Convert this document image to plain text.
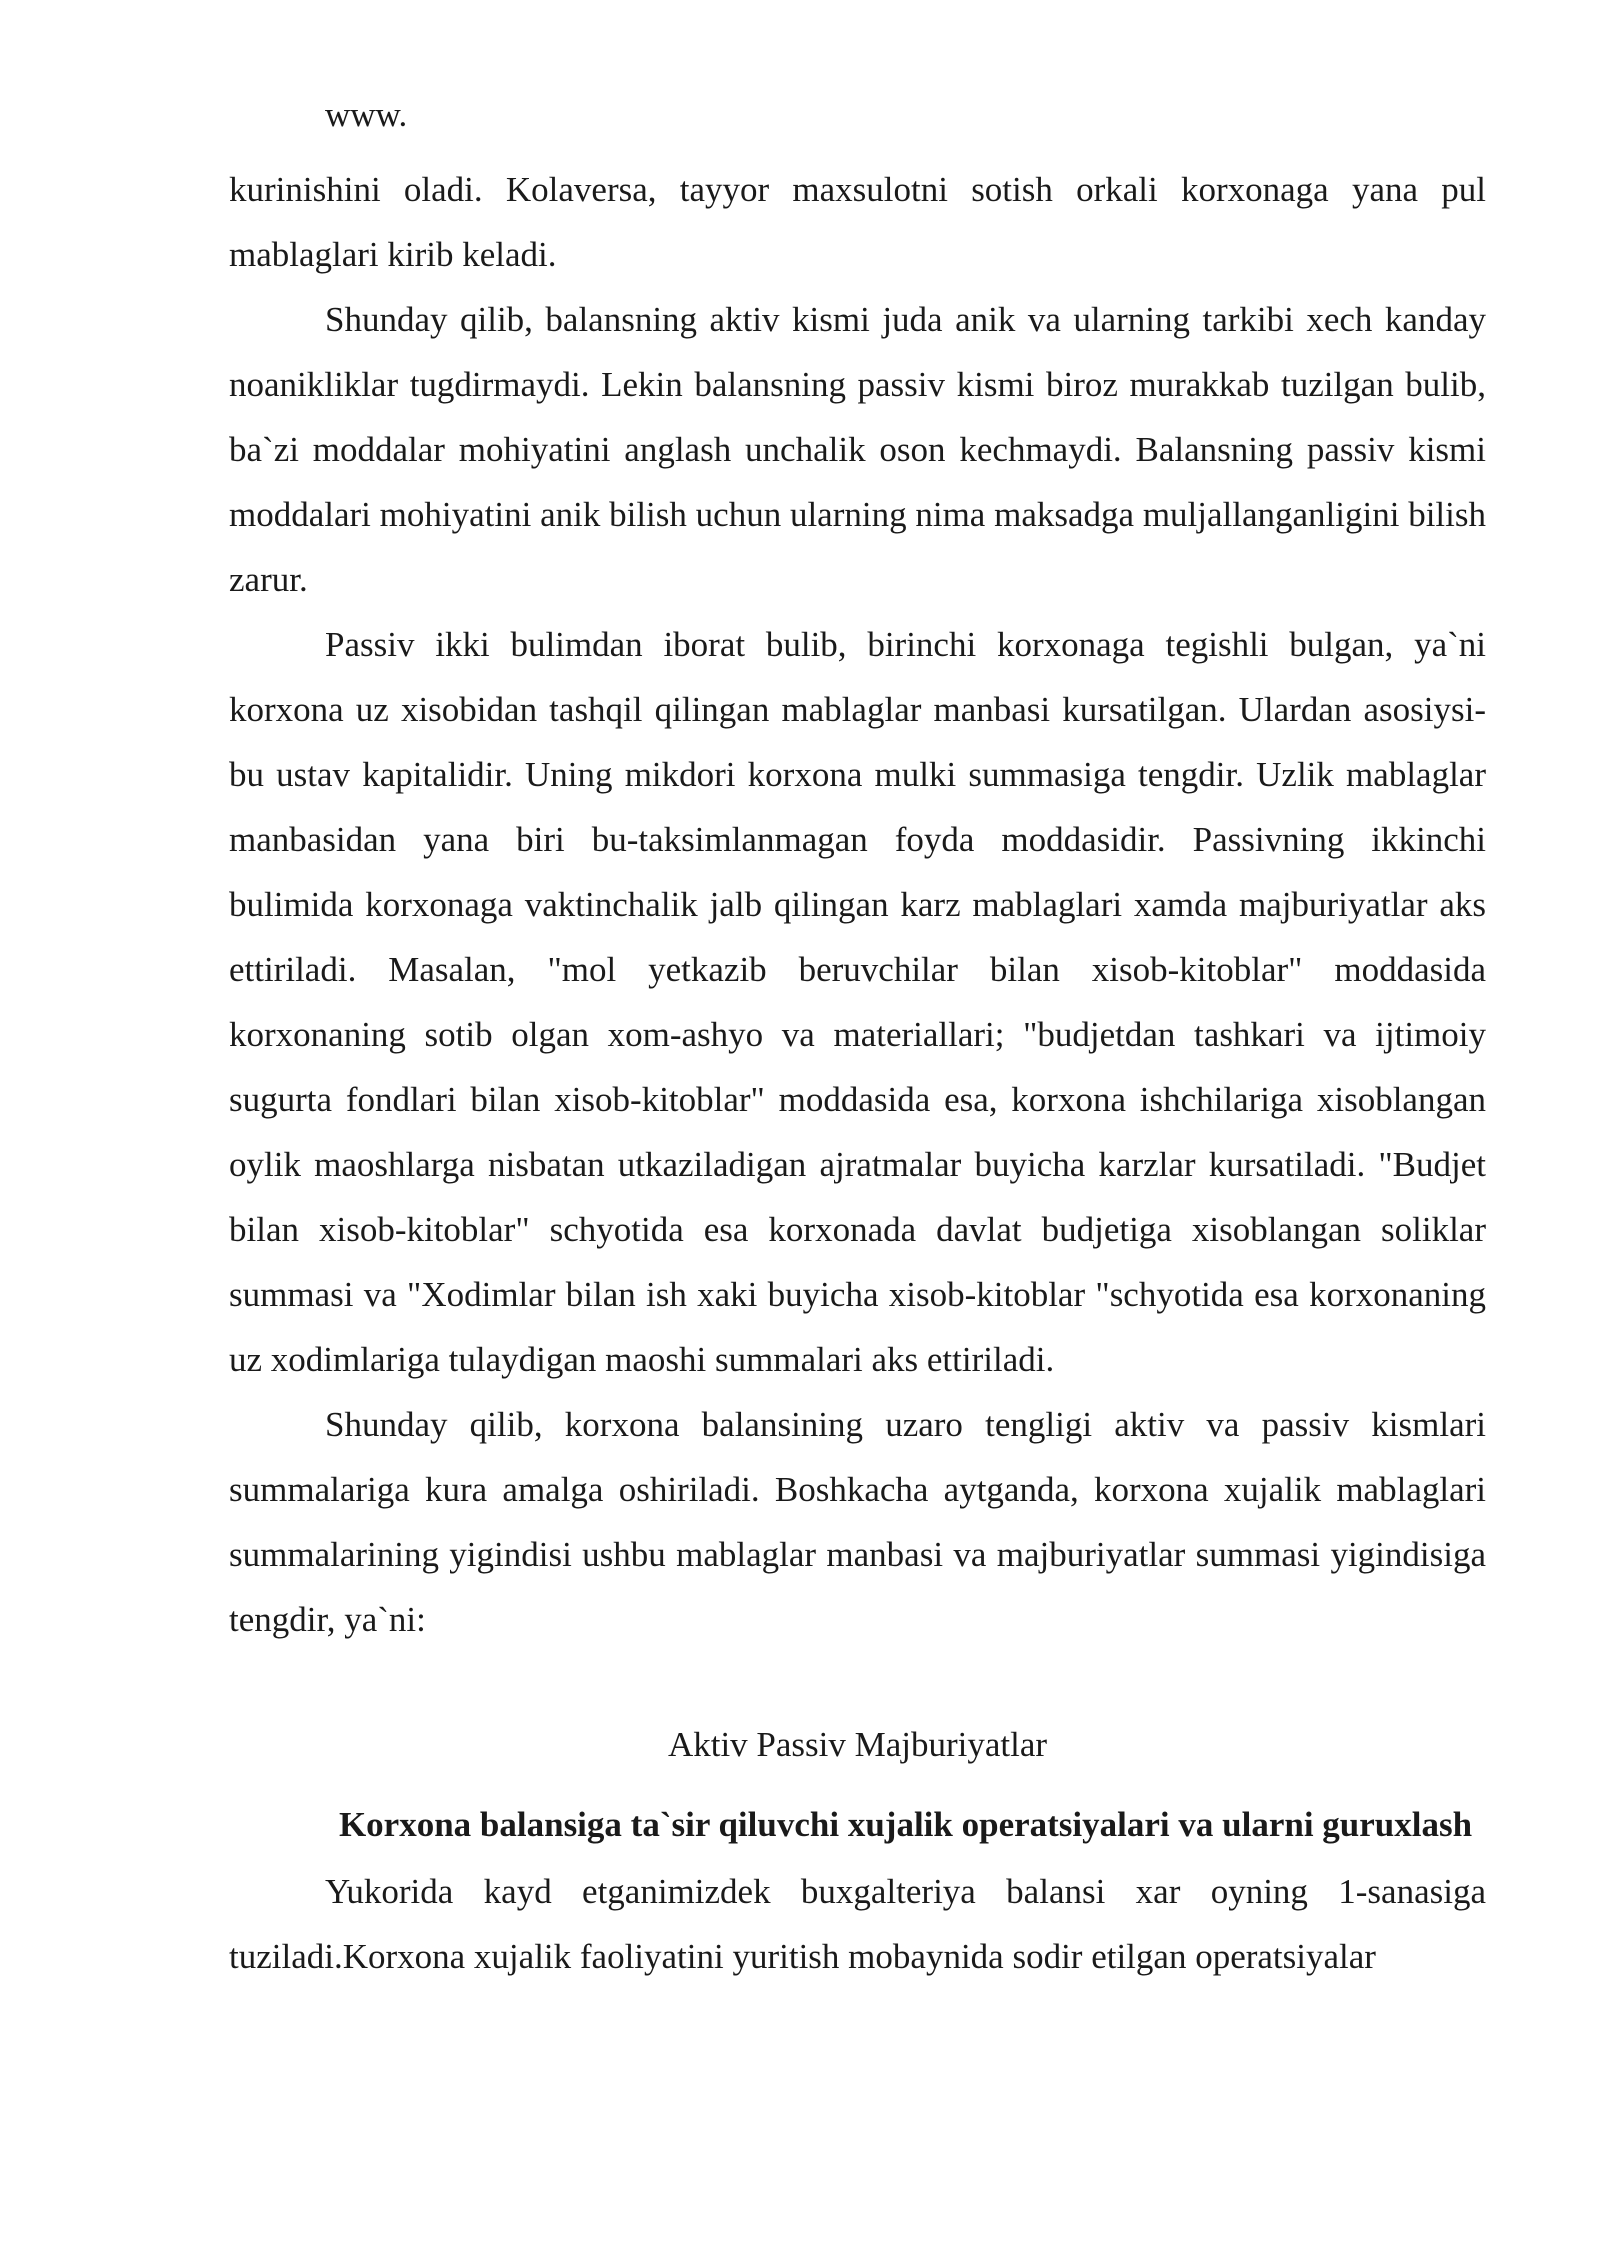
www.

kurinishini oladi. Kolaversa, tayyor maxsulotni sotish orkali korxonaga yana pul mablaglari kirib keladi.

Shunday qilib, balansning aktiv kismi juda anik va ularning tarkibi xech kanday noanikliklar tugdirmaydi. Lekin balansning passiv kismi biroz murakkab tuzilgan bulib, ba`zi moddalar mohiyatini anglash unchalik oson kechmaydi. Balansning passiv kismi moddalari mohiyatini anik bilish uchun ularning nima maksadga muljallanganligini bilish zarur.

Passiv ikki bulimdan iborat bulib, birinchi korxonaga tegishli bulgan, ya`ni korxona uz xisobidan tashqil qilingan mablaglar manbasi kursatilgan. Ulardan asosiysi-bu ustav kapitalidir. Uning mikdori korxona mulki summasiga tengdir. Uzlik mablaglar manbasidan yana biri bu-taksimlanmagan foyda moddasidir. Passivning ikkinchi bulimida korxonaga vaktinchalik jalb qilingan karz mablaglari xamda majburiyatlar aks ettiriladi. Masalan, "mol yetkazib beruvchilar bilan xisob-kitoblar" moddasida korxonaning sotib olgan xom-ashyo va materiallari; "budjetdan tashkari va ijtimoiy sugurta fondlari bilan xisob-kitoblar" moddasida esa, korxona ishchilariga xisoblangan oylik maoshlarga nisbatan utkaziladigan ajratmalar buyicha karzlar kursatiladi. "Budjet bilan xisob-kitoblar" schyotida esa korxonada davlat budjetiga xisoblangan soliklar summasi va "Xodimlar bilan ish xaki buyicha xisob-kitoblar "schyotida esa korxonaning uz xodimlariga tulaydigan maoshi summalari aks ettiriladi.

Shunday qilib, korxona balansining uzaro tengligi aktiv va passiv kismlari summalariga kura amalga oshiriladi. Boshkacha aytganda, korxona xujalik mablaglari summalarining yigindisi ushbu mablaglar manbasi va majburiyatlar summasi yigindisiga tengdir, ya`ni:

Aktiv Passiv Majburiyatlar
Korxona balansiga ta`sir qiluvchi xujalik operatsiyalari va ularni guruxlash

Yukorida kayd etganimizdek buxgalteriya balansi xar oyning 1-sanasiga tuziladi.Korxona xujalik faoliyatini yuritish mobaynida sodir etilgan operatsiyalar
